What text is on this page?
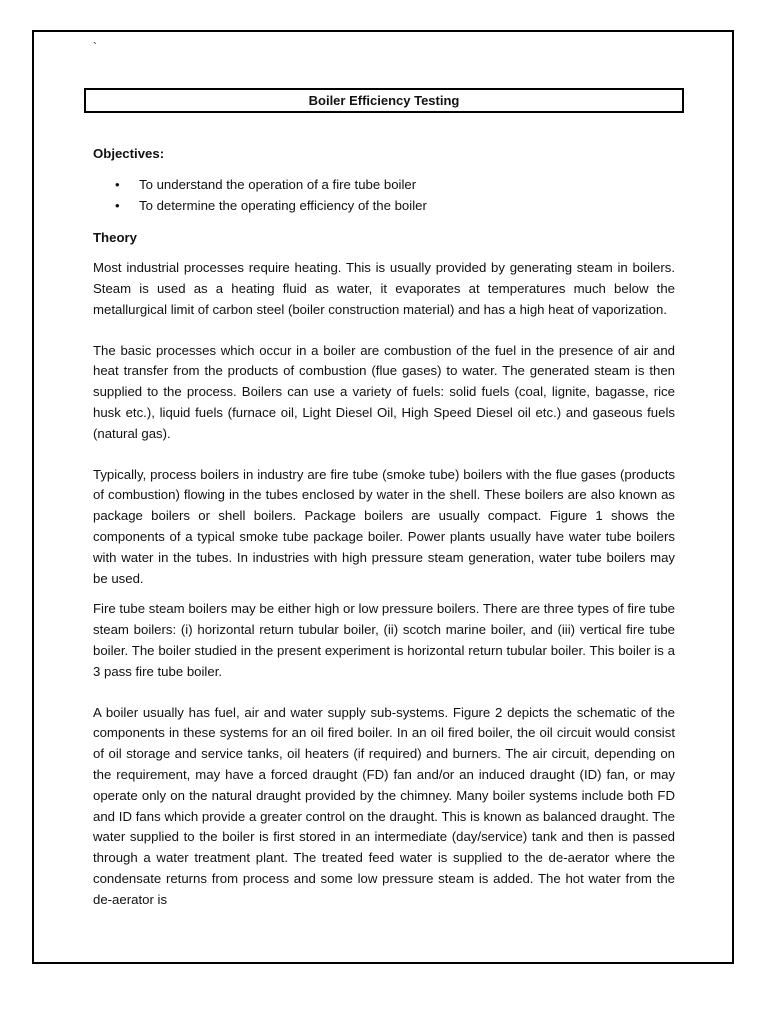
`
Boiler Efficiency Testing

Objectives:

• To understand the operation of a fire tube boiler
• To determine the operating efficiency of the boiler

Theory

Most industrial processes require heating. This is usually provided by generating steam in boilers. Steam is used as a heating fluid as water, it evaporates at temperatures much below the metallurgical limit of carbon steel (boiler construction material) and has a high heat of vaporization.

The basic processes which occur in a boiler are combustion of the fuel in the presence of air and heat transfer from the products of combustion (flue gases) to water. The generated steam is then supplied to the process. Boilers can use a variety of fuels: solid fuels (coal, lignite, bagasse, rice husk etc.), liquid fuels (furnace oil, Light Diesel Oil, High Speed Diesel oil etc.) and gaseous fuels (natural gas).

Typically, process boilers in industry are fire tube (smoke tube) boilers with the flue gases (products of combustion) flowing in the tubes enclosed by water in the shell. These boilers are also known as package boilers or shell boilers. Package boilers are usually compact. Figure 1 shows the components of a typical smoke tube package boiler. Power plants usually have water tube boilers with water in the tubes. In industries with high pressure steam generation, water tube boilers may be used.

Fire tube steam boilers may be either high or low pressure boilers. There are three types of fire tube steam boilers: (i) horizontal return tubular boiler, (ii) scotch marine boiler, and (iii) vertical fire tube boiler. The boiler studied in the present experiment is horizontal return tubular boiler. This boiler is a 3 pass fire tube boiler.

A boiler usually has fuel, air and water supply sub-systems. Figure 2 depicts the schematic of the components in these systems for an oil fired boiler. In an oil fired boiler, the oil circuit would consist of oil storage and service tanks, oil heaters (if required) and burners. The air circuit, depending on the requirement, may have a forced draught (FD) fan and/or an induced draught (ID) fan, or may operate only on the natural draught provided by the chimney. Many boiler systems include both FD and ID fans which provide a greater control on the draught. This is known as balanced draught. The water supplied to the boiler is first stored in an intermediate (day/service) tank and then is passed through a water treatment plant. The treated feed water is supplied to the de-aerator where the condensate returns from process and some low pressure steam is added. The hot water from the de-aerator is
